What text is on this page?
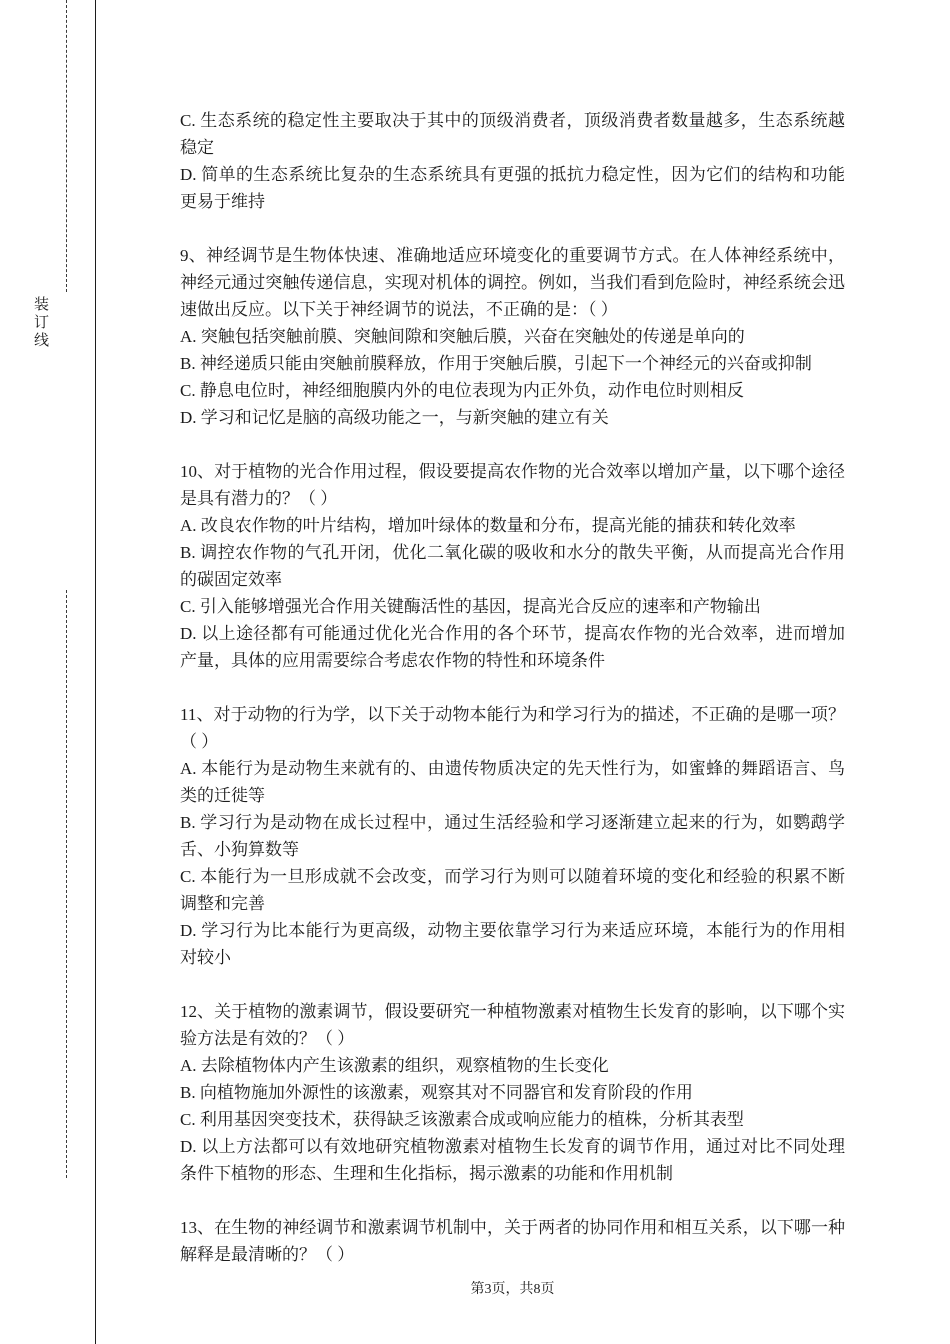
装订线

C. 生态系统的稳定性主要取决于其中的顶级消费者，顶级消费者数量越多，生态系统越稳定

D. 简单的生态系统比复杂的生态系统具有更强的抵抗力稳定性，因为它们的结构和功能更易于维持

9、神经调节是生物体快速、准确地适应环境变化的重要调节方式。在人体神经系统中，神经元通过突触传递信息，实现对机体的调控。例如，当我们看到危险时，神经系统会迅速做出反应。以下关于神经调节的说法，不正确的是：（ ）

A. 突触包括突触前膜、突触间隙和突触后膜，兴奋在突触处的传递是单向的

B. 神经递质只能由突触前膜释放，作用于突触后膜，引起下一个神经元的兴奋或抑制

C. 静息电位时，神经细胞膜内外的电位表现为内正外负，动作电位时则相反

D. 学习和记忆是脑的高级功能之一，与新突触的建立有关

10、对于植物的光合作用过程，假设要提高农作物的光合效率以增加产量，以下哪个途径是具有潜力的？（ ）

A. 改良农作物的叶片结构，增加叶绿体的数量和分布，提高光能的捕获和转化效率

B. 调控农作物的气孔开闭，优化二氧化碳的吸收和水分的散失平衡，从而提高光合作用的碳固定效率

C. 引入能够增强光合作用关键酶活性的基因，提高光合反应的速率和产物输出

D. 以上途径都有可能通过优化光合作用的各个环节，提高农作物的光合效率，进而增加产量，具体的应用需要综合考虑农作物的特性和环境条件

11、对于动物的行为学，以下关于动物本能行为和学习行为的描述，不正确的是哪一项？（ ）

A. 本能行为是动物生来就有的、由遗传物质决定的先天性行为，如蜜蜂的舞蹈语言、鸟类的迁徙等

B. 学习行为是动物在成长过程中，通过生活经验和学习逐渐建立起来的行为，如鹦鹉学舌、小狗算数等

C. 本能行为一旦形成就不会改变，而学习行为则可以随着环境的变化和经验的积累不断调整和完善

D. 学习行为比本能行为更高级，动物主要依靠学习行为来适应环境，本能行为的作用相对较小

12、关于植物的激素调节，假设要研究一种植物激素对植物生长发育的影响，以下哪个实验方法是有效的？（ ）

A. 去除植物体内产生该激素的组织，观察植物的生长变化

B. 向植物施加外源性的该激素，观察其对不同器官和发育阶段的作用

C. 利用基因突变技术，获得缺乏该激素合成或响应能力的植株，分析其表型

D. 以上方法都可以有效地研究植物激素对植物生长发育的调节作用，通过对比不同处理条件下植物的形态、生理和生化指标，揭示激素的功能和作用机制

13、在生物的神经调节和激素调节机制中，关于两者的协同作用和相互关系，以下哪一种解释是最清晰的？（ ）

第3页，共8页
